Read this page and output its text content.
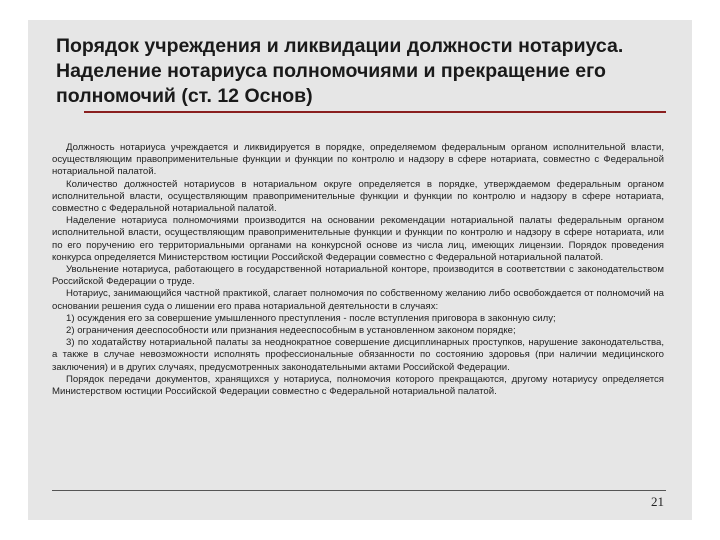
Порядок учреждения и ликвидации должности нотариуса. Наделение нотариуса полномочиями и прекращение его полномочий (ст. 12 Основ)

Должность нотариуса учреждается и ликвидируется в порядке, определяемом федеральным органом исполнительной власти, осуществляющим правоприменительные функции и функции по контролю и надзору в сфере нотариата, совместно с Федеральной нотариальной палатой.

Количество должностей нотариусов в нотариальном округе определяется в порядке, утверждаемом федеральным органом исполнительной власти, осуществляющим правоприменительные функции и функции по контролю и надзору в сфере нотариата, совместно с Федеральной нотариальной палатой.

Наделение нотариуса полномочиями производится на основании рекомендации нотариальной палаты федеральным органом исполнительной власти, осуществляющим правоприменительные функции и функции по контролю и надзору в сфере нотариата, или по его поручению его территориальными органами на конкурсной основе из числа лиц, имеющих лицензии. Порядок проведения конкурса определяется Министерством юстиции Российской Федерации совместно с Федеральной нотариальной палатой.

Увольнение нотариуса, работающего в государственной нотариальной конторе, производится в соответствии с законодательством Российской Федерации о труде.

Нотариус, занимающийся частной практикой, слагает полномочия по собственному желанию либо освобождается от полномочий на основании решения суда о лишении его права нотариальной деятельности в случаях:

1) осуждения его за совершение умышленного преступления - после вступления приговора в законную силу;

2) ограничения дееспособности или признания недееспособным в установленном законом порядке;

3) по ходатайству нотариальной палаты за неоднократное совершение дисциплинарных проступков, нарушение законодательства, а также в случае невозможности исполнять профессиональные обязанности по состоянию здоровья (при наличии медицинского заключения) и в других случаях, предусмотренных законодательными актами Российской Федерации.

Порядок передачи документов, хранящихся у нотариуса, полномочия которого прекращаются, другому нотариусу определяется Министерством юстиции Российской Федерации совместно с Федеральной нотариальной палатой.

21
